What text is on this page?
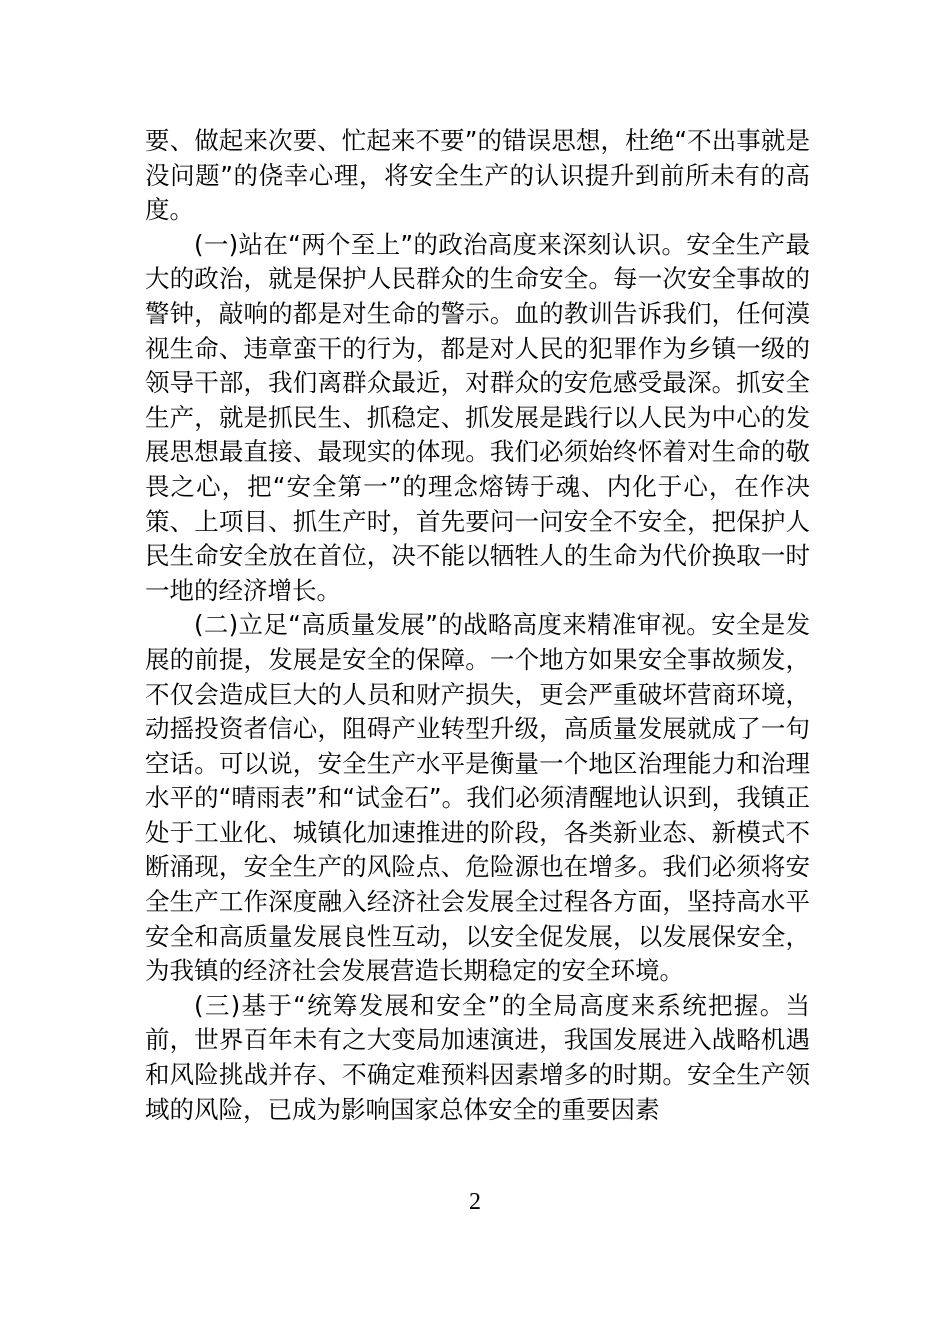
要、做起来次要、忙起来不要”的错误思想，杜绝“不出事就是没问题”的侥幸心理，将安全生产的认识提升到前所未有的高度。

(一)站在“两个至上”的政治高度来深刻认识。安全生产最大的政治，就是保护人民群众的生命安全。每一次安全事故的警钟，敲响的都是对生命的警示。血的教训告诉我们，任何漠视生命、违章蛮干的行为，都是对人民的犯罪作为乡镇一级的领导干部，我们离群众最近，对群众的安危感受最深。抓安全生产，就是抓民生、抓稳定、抓发展是践行以人民为中心的发展思想最直接、最现实的体现。我们必须始终怀着对生命的敬畏之心，把“安全第一”的理念熔铸于魂、内化于心，在作决策、上项目、抓生产时，首先要问一问安全不安全，把保护人民生命安全放在首位，决不能以牺牲人的生命为代价换取一时一地的经济增长。

(二)立足“高质量发展”的战略高度来精准审视。安全是发展的前提，发展是安全的保障。一个地方如果安全事故频发，不仅会造成巨大的人员和财产损失，更会严重破坏营商环境，动摇投资者信心，阻碍产业转型升级，高质量发展就成了一句空话。可以说，安全生产水平是衡量一个地区治理能力和治理水平的“晴雨表”和“试金石”。我们必须清醒地认识到，我镇正处于工业化、城镇化加速推进的阶段，各类新业态、新模式不断涌现，安全生产的风险点、危险源也在增多。我们必须将安全生产工作深度融入经济社会发展全过程各方面，坚持高水平安全和高质量发展良性互动，以安全促发展，以发展保安全，为我镇的经济社会发展营造长期稳定的安全环境。

(三)基于“统筹发展和安全”的全局高度来系统把握。当前，世界百年未有之大变局加速演进，我国发展进入战略机遇和风险挑战并存、不确定难预料因素增多的时期。安全生产领域的风险，已成为影响国家总体安全的重要因素

2
